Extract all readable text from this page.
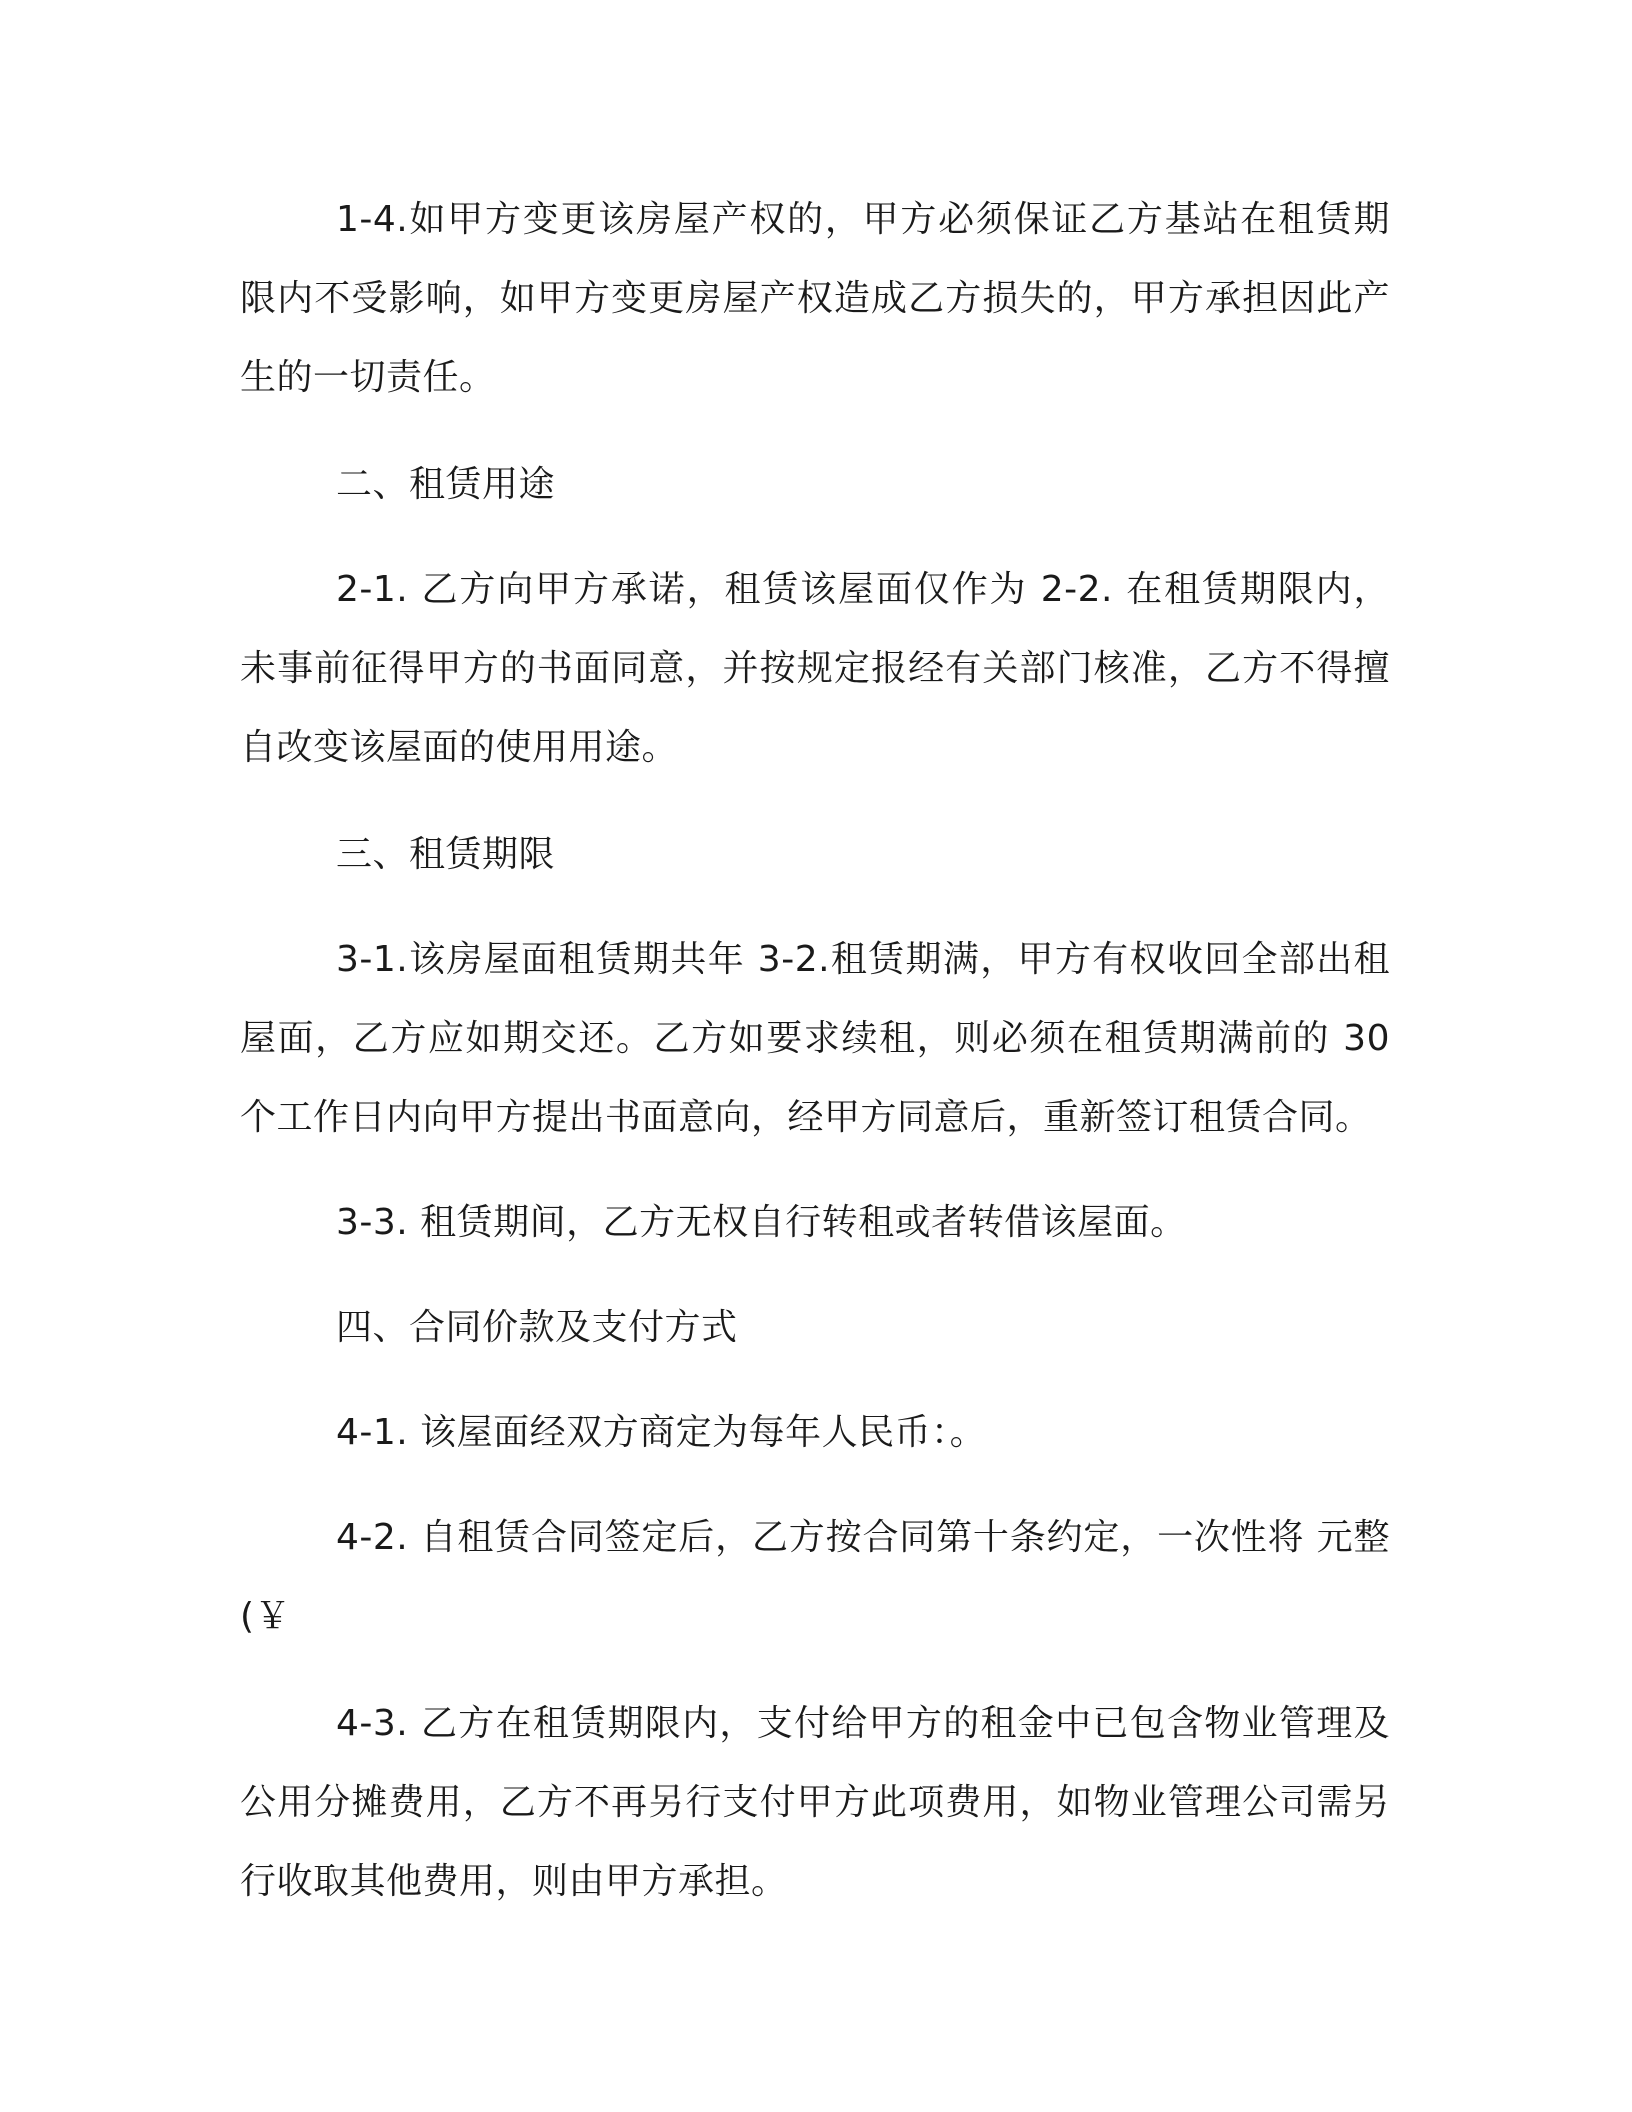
1-4.如甲方变更该房屋产权的，甲方必须保证乙方基站在租赁期限内不受影响，如甲方变更房屋产权造成乙方损失的，甲方承担因此产生的一切责任。

二、租赁用途

2-1. 乙方向甲方承诺，租赁该屋面仅作为 2-2. 在租赁期限内，未事前征得甲方的书面同意，并按规定报经有关部门核准，乙方不得擅自改变该屋面的使用用途。

三、租赁期限

3-1.该房屋面租赁期共年 3-2.租赁期满，甲方有权收回全部出租屋面，乙方应如期交还。乙方如要求续租，则必须在租赁期满前的 30 个工作日内向甲方提出书面意向，经甲方同意后，重新签订租赁合同。

3-3. 租赁期间，乙方无权自行转租或者转借该屋面。

四、合同价款及支付方式

4-1. 该屋面经双方商定为每年人民币：。

4-2. 自租赁合同签定后，乙方按合同第十条约定，一次性将 元整(￥

4-3. 乙方在租赁期限内，支付给甲方的租金中已包含物业管理及公用分摊费用，乙方不再另行支付甲方此项费用，如物业管理公司需另行收取其他费用，则由甲方承担。
